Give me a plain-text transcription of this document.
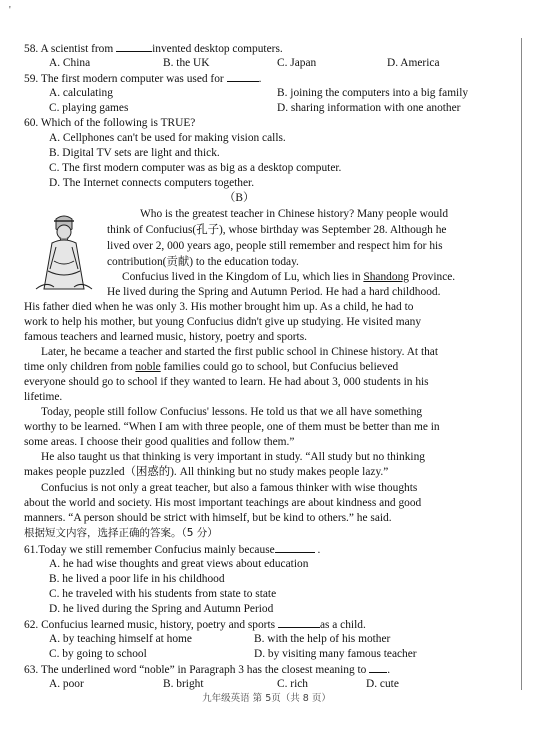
'
58. A scientist from	invented desktop computers.
A. China	B. the UK	C. Japan	D. America
59. The first modern computer was used for	.
A. calculating	B. joining the computers into a big family
C. playing games	D. sharing information with one another
60. Which of the following is TRUE?
A. Cellphones can't be used for making vision calls.
B. Digital TV sets are light and thick.
C. The first modern computer was as big as a desktop computer.
D. The Internet connects computers together.
（B）
Who is the greatest teacher in Chinese history? Many people would
think of Confucius(孔子), whose birthday was September 28. Although he
lived over 2, 000 years ago, people still remember and respect him for his
contribution(贡献) to the education today.
Confucius lived in the Kingdom of Lu, which lies in Shandong Province.
He lived during the Spring and Autumn Period. He had a hard childhood.
His father died when he was only 3. His mother brought him up. As a child, he had to
work to help his mother, but young Confucius didn't give up studying. He visited many
famous teachers and learned music, history, poetry and sports.
Later, he became a teacher and started the first public school in Chinese history. At that
time only children from noble families could go to school, but Confucius believed
everyone should go to school if they wanted to learn. He had about 3, 000 students in his
lifetime.
Today, people still follow Confucius' lessons. He told us that we all have something
worthy to be learned. “When I am with three people, one of them must be better than me in
some areas. I choose their good qualities and follow them.”
He also taught us that thinking is very important in study. “All study but no thinking
makes people puzzled（困惑的). All thinking but no study makes people lazy.”
Confucius is not only a great teacher, but also a famous thinker with wise thoughts
about the world and society. His most important teachings are about kindness and good
manners. “A person should be strict with himself, but be kind to others.” he said.
根据短文内容，选择正确的答案。（5 分）
61.Today we still remember Confucius mainly because	.
A. he had wise thoughts and great views about education
B. he lived a poor life in his childhood
C. he traveled with his students from state to state
D. he lived during the Spring and Autumn Period
62. Confucius learned music, history, poetry and sports	as a child.
A. by teaching himself at home	B. with the help of his mother
C. by going to school	D. by visiting many famous teacher
63. The underlined word “noble” in Paragraph 3 has the closest meaning to .
A. poor	B. bright	C. rich	D. cute
九年级英语 第 5页（共 8 页）
